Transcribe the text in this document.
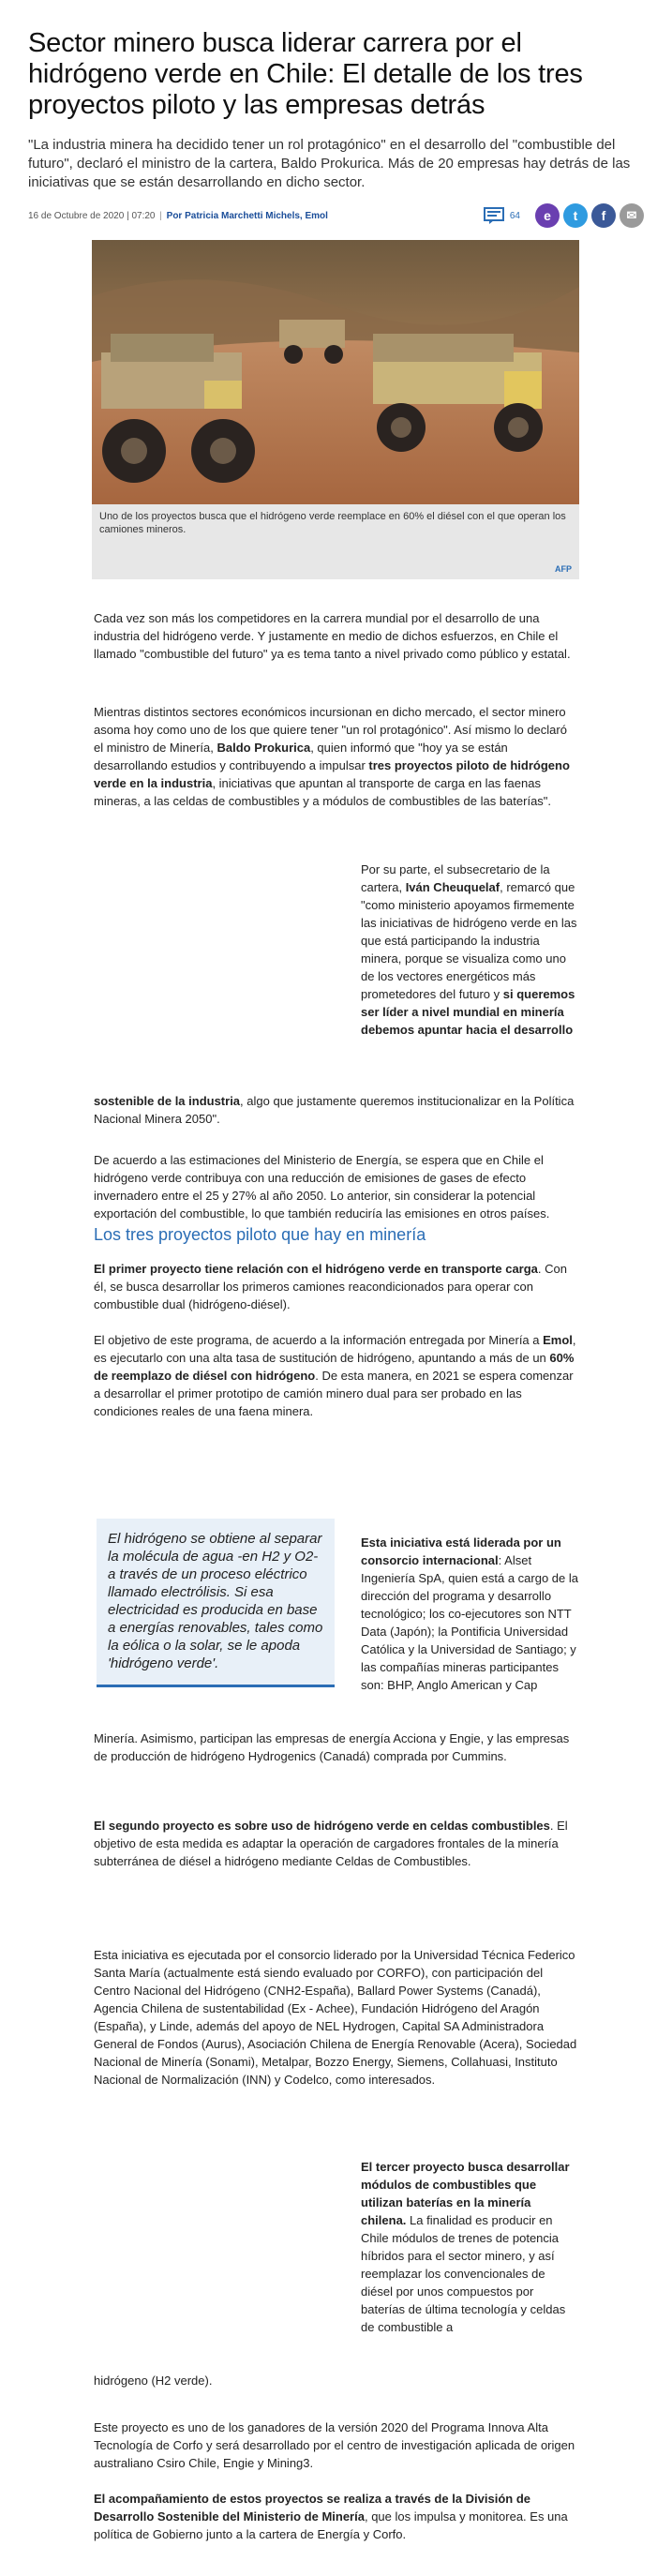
Sector minero busca liderar carrera por el hidrógeno verde en Chile: El detalle de los tres proyectos piloto y las empresas detrás

"La industria minera ha decidido tener un rol protagónico" en el desarrollo del "combustible del futuro", declaró el ministro de la cartera, Baldo Prokurica. Más de 20 empresas hay detrás de las iniciativas que se están desarrollando en dicho sector.

16 de Octubre de 2020 | 07:20 | Por Patricia Marchetti Michels, Emol	64	e	t	f	✉

Uno de los proyectos busca que el hidrógeno verde reemplace en 60% el diésel con el que operan los camiones mineros.

AFP

Cada vez son más los competidores en la carrera mundial por el desarrollo de una industria del hidrógeno verde. Y justamente en medio de dichos esfuerzos, en Chile el llamado "combustible del futuro" ya es tema tanto a nivel privado como público y estatal.

Mientras distintos sectores económicos incursionan en dicho mercado, el sector minero asoma hoy como uno de los que quiere tener "un rol protagónico". Así mismo lo declaró el ministro de Minería, Baldo Prokurica, quien informó que "hoy ya se están desarrollando estudios y contribuyendo a impulsar tres proyectos piloto de hidrógeno verde en la industria, iniciativas que apuntan al transporte de carga en las faenas mineras, a las celdas de combustibles y a módulos de combustibles de las baterías".

Por su parte, el subsecretario de la cartera, Iván Cheuquelaf, remarcó que "como ministerio apoyamos firmemente las iniciativas de hidrógeno verde en las que está participando la industria minera, porque se visualiza como uno de los vectores energéticos más prometedores del futuro y si queremos ser líder a nivel mundial en minería debemos apuntar hacia el desarrollo

sostenible de la industria, algo que justamente queremos institucionalizar en la Política Nacional Minera 2050".

De acuerdo a las estimaciones del Ministerio de Energía, se espera que en Chile el hidrógeno verde contribuya con una reducción de emisiones de gases de efecto invernadero entre el 25 y 27% al año 2050. Lo anterior, sin considerar la potencial exportación del combustible, lo que también reduciría las emisiones en otros países.

Los tres proyectos piloto que hay en minería

El primer proyecto tiene relación con el hidrógeno verde en transporte carga. Con él, se busca desarrollar los primeros camiones reacondicionados para operar con combustible dual (hidrógeno-diésel).

El objetivo de este programa, de acuerdo a la información entregada por Minería a Emol, es ejecutarlo con una alta tasa de sustitución de hidrógeno, apuntando a más de un 60% de reemplazo de diésel con hidrógeno. De esta manera, en 2021 se espera comenzar a desarrollar el primer prototipo de camión minero dual para ser probado en las condiciones reales de una faena minera.

El hidrógeno se obtiene al separar la molécula de agua -en H2 y O2- a través de un proceso eléctrico llamado electrólisis. Si esa electricidad es producida en base a energías renovables, tales como la eólica o la solar, se le apoda 'hidrógeno verde'.

Esta iniciativa está liderada por un consorcio internacional: Alset Ingeniería SpA, quien está a cargo de la dirección del programa y desarrollo tecnológico; los co-ejecutores son NTT Data (Japón); la Pontificia Universidad Católica y la Universidad de Santiago; y las compañías mineras participantes son: BHP, Anglo American y Cap

Minería. Asimismo, participan las empresas de energía Acciona y Engie, y las empresas de producción de hidrógeno Hydrogenics (Canadá) comprada por Cummins.

El segundo proyecto es sobre uso de hidrógeno verde en celdas combustibles. El objetivo de esta medida es adaptar la operación de cargadores frontales de la minería subterránea de diésel a hidrógeno mediante Celdas de Combustibles.

Esta iniciativa es ejecutada por el consorcio liderado por la Universidad Técnica Federico Santa María (actualmente está siendo evaluado por CORFO), con participación del Centro Nacional del Hidrógeno (CNH2-España), Ballard Power Systems (Canadá), Agencia Chilena de sustentabilidad (Ex - Achee), Fundación Hidrógeno del Aragón (España), y Linde, además del apoyo de NEL Hydrogen, Capital SA Administradora General de Fondos (Aurus), Asociación Chilena de Energía Renovable (Acera), Sociedad Nacional de Minería (Sonami), Metalpar, Bozzo Energy, Siemens, Collahuasi, Instituto Nacional de Normalización (INN) y Codelco, como interesados.

El tercer proyecto busca desarrollar módulos de combustibles que utilizan baterías en la minería chilena. La finalidad es producir en Chile módulos de trenes de potencia híbridos para el sector minero, y así reemplazar los convencionales de diésel por unos compuestos por baterías de última tecnología y celdas de combustible a

hidrógeno (H2 verde).

Este proyecto es uno de los ganadores de la versión 2020 del Programa Innova Alta Tecnología de Corfo y será desarrollado por el centro de investigación aplicada de origen australiano Csiro Chile, Engie y Mining3.

El acompañamiento de estos proyectos se realiza a través de la División de Desarrollo Sostenible del Ministerio de Minería, que los impulsa y monitorea. Es una política de Gobierno junto a la cartera de Energía y Corfo.
